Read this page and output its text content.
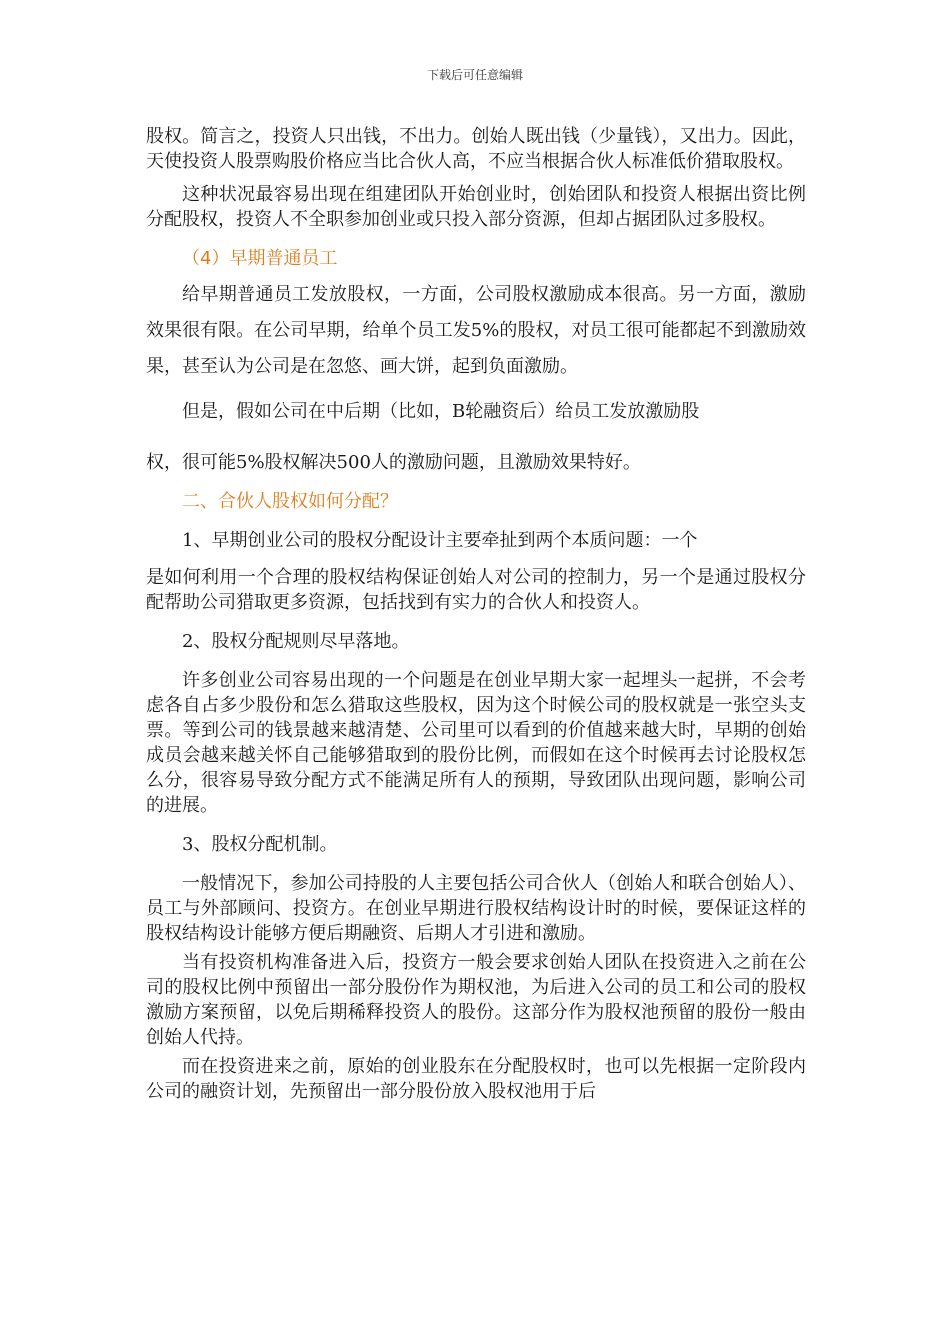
下载后可任意编辑

股权。简言之，投资人只出钱，不出力。创始人既出钱（少量钱），又出力。因此，天使投资人股票购股价格应当比合伙人高，不应当根据合伙人标准低价猎取股权。

这种状况最容易出现在组建团队开始创业时，创始团队和投资人根据出资比例分配股权，投资人不全职参加创业或只投入部分资源，但却占据团队过多股权。

（4）早期普通员工

给早期普通员工发放股权，一方面，公司股权激励成本很高。另一方面，激励效果很有限。在公司早期，给单个员工发5%的股权，对员工很可能都起不到激励效果，甚至认为公司是在忽悠、画大饼，起到负面激励。

但是，假如公司在中后期（比如，B轮融资后）给员工发放激励股

权，很可能5%股权解决500人的激励问题，且激励效果特好。

二、合伙人股权如何分配？

1、早期创业公司的股权分配设计主要牵扯到两个本质问题：一个

是如何利用一个合理的股权结构保证创始人对公司的控制力，另一个是通过股权分配帮助公司猎取更多资源，包括找到有实力的合伙人和投资人。

2、股权分配规则尽早落地。

许多创业公司容易出现的一个问题是在创业早期大家一起埋头一起拼，不会考虑各自占多少股份和怎么猎取这些股权，因为这个时候公司的股权就是一张空头支票。等到公司的钱景越来越清楚、公司里可以看到的价值越来越大时，早期的创始成员会越来越关怀自己能够猎取到的股份比例，而假如在这个时候再去讨论股权怎么分，很容易导致分配方式不能满足所有人的预期，导致团队出现问题，影响公司的进展。

3、股权分配机制。

一般情况下，参加公司持股的人主要包括公司合伙人（创始人和联合创始人）、员工与外部顾问、投资方。在创业早期进行股权结构设计时的时候，要保证这样的股权结构设计能够方便后期融资、后期人才引进和激励。

当有投资机构准备进入后，投资方一般会要求创始人团队在投资进入之前在公司的股权比例中预留出一部分股份作为期权池，为后进入公司的员工和公司的股权激励方案预留，以免后期稀释投资人的股份。这部分作为股权池预留的股份一般由创始人代持。

而在投资进来之前，原始的创业股东在分配股权时，也可以先根据一定阶段内公司的融资计划，先预留出一部分股份放入股权池用于后
